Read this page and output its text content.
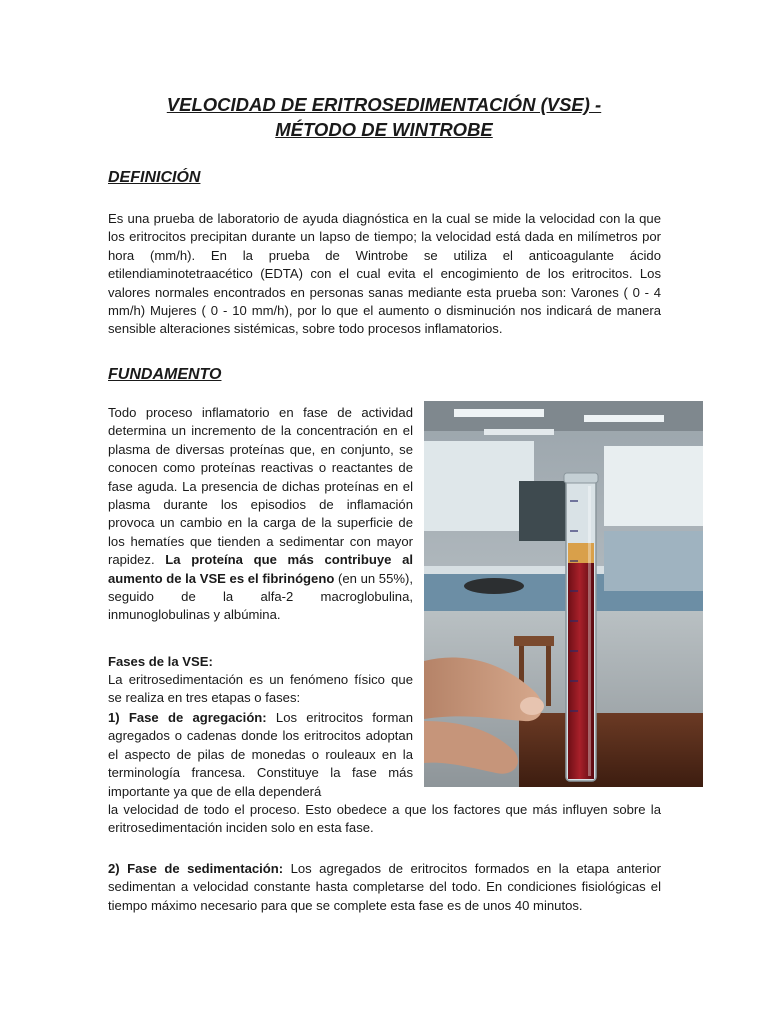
VELOCIDAD DE ERITROSEDIMENTACIÓN (VSE) -
MÉTODO DE WINTROBE
DEFINICIÓN
Es una prueba de laboratorio de ayuda diagnóstica en la cual se mide la velocidad con la que los eritrocitos precipitan durante un lapso de tiempo; la velocidad está dada en milímetros por hora (mm/h). En la prueba de Wintrobe se utiliza el anticoagulante ácido etilendiaminotetraacético (EDTA) con el cual evita el encogimiento de los eritrocitos. Los valores normales encontrados en personas sanas mediante esta prueba son: Varones ( 0 - 4 mm/h) Mujeres ( 0 - 10 mm/h), por lo que el aumento o disminución nos indicará de manera sensible alteraciones sistémicas, sobre todo procesos inflamatorios.
FUNDAMENTO
Todo proceso inflamatorio en fase de actividad determina un incremento de la concentración en el plasma de diversas proteínas que, en conjunto, se conocen como proteínas reactivas o reactantes de fase aguda. La presencia de dichas proteínas en el plasma durante los episodios de inflamación provoca un cambio en la carga de la superficie de los hematíes que tienden a sedimentar con mayor rapidez. La proteína que más contribuye al aumento de la VSE es el fibrinógeno (en un 55%), seguido de la alfa-2 macroglobulina, inmunoglobulinas y albúmina.
Fases de la VSE:
La eritrosedimentación es un fenómeno físico que se realiza en tres etapas o fases:
1) Fase de agregación: Los eritrocitos forman agregados o cadenas donde los eritrocitos adoptan el aspecto de pilas de monedas o rouleaux en la terminología francesa. Constituye la fase más importante ya que de ella dependerá
la velocidad de todo el proceso. Esto obedece a que los factores que más influyen sobre la eritrosedimentación inciden solo en esta fase.
2) Fase de sedimentación: Los agregados de eritrocitos formados en la etapa anterior sedimentan a velocidad constante hasta completarse del todo. En condiciones fisiológicas el tiempo máximo necesario para que se complete esta fase es de unos 40 minutos.
